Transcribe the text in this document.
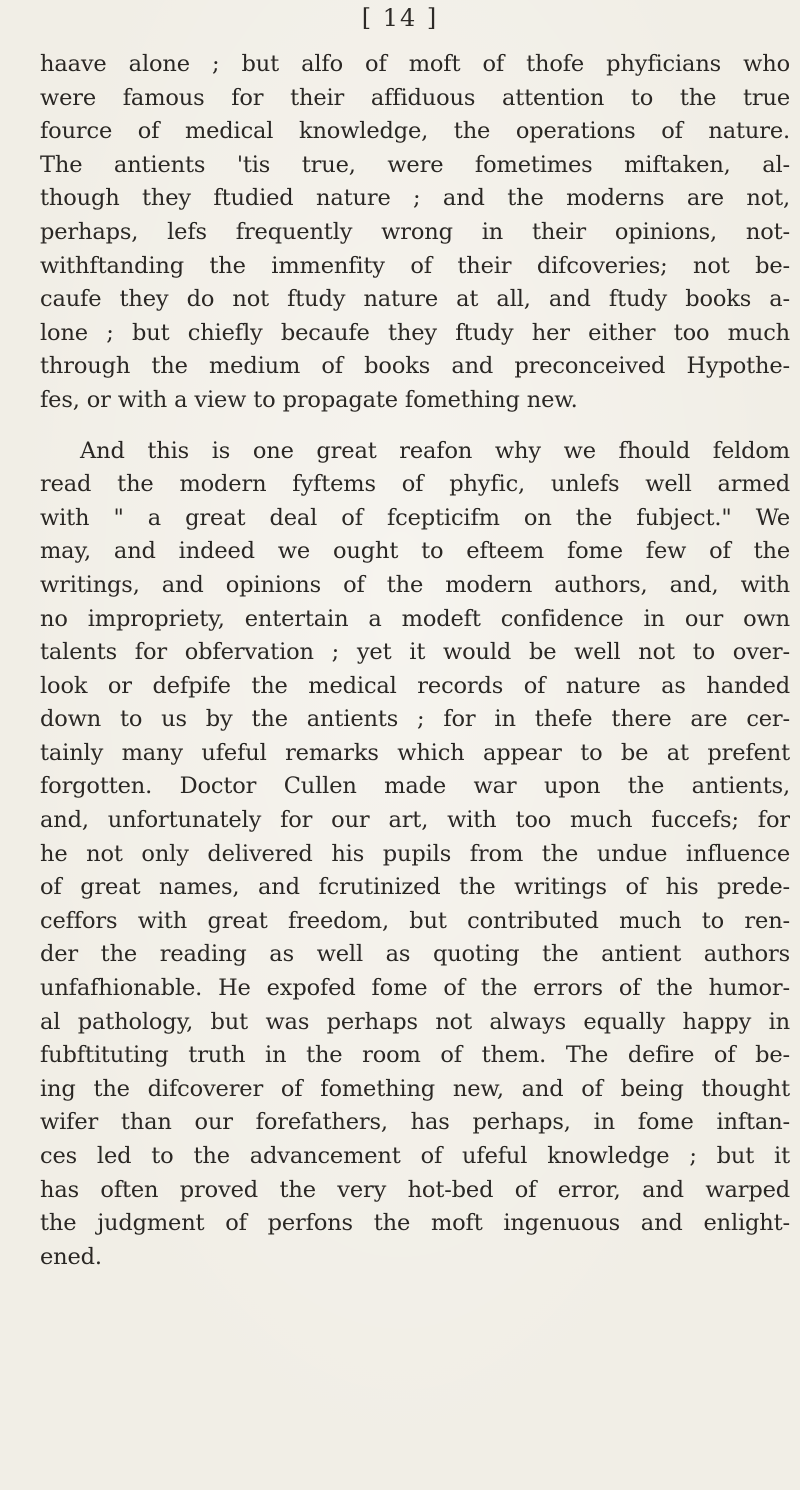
[ 14 ]
haave alone ; but alfo of moft of thofe phyficians who
were famous for their affiduous attention to the true
fource of medical knowledge, the operations of nature.
The antients 'tis true, were fometimes miftaken, al-
though they ftudied nature ; and the moderns are not,
perhaps, lefs frequently wrong in their opinions, not-
withftanding the immenfity of their difcoveries; not be-
caufe they do not ftudy nature at all, and ftudy books a-
lone ; but chiefly becaufe they ftudy her either too much
through the medium of books and preconceived Hypothe-
fes, or with a view to propagate fomething new.
And this is one great reafon why we fhould feldom
read the modern fyftems of phyfic, unlefs well armed
with " a great deal of fcepticifm on the fubject." We
may, and indeed we ought to efteem fome few of the
writings, and opinions of the modern authors, and, with
no impropriety, entertain a modeft confidence in our own
talents for obfervation ; yet it would be well not to over-
look or defpife the medical records of nature as handed
down to us by the antients ; for in thefe there are cer-
tainly many ufeful remarks which appear to be at prefent
forgotten. Doctor Cullen made war upon the antients,
and, unfortunately for our art, with too much fuccefs; for
he not only delivered his pupils from the undue influence
of great names, and fcrutinized the writings of his prede-
ceffors with great freedom, but contributed much to ren-
der the reading as well as quoting the antient authors
unfafhionable. He expofed fome of the errors of the humor-
al pathology, but was perhaps not always equally happy in
fubftituting truth in the room of them. The defire of be-
ing the difcoverer of fomething new, and of being thought
wifer than our forefathers, has perhaps, in fome inftan-
ces led to the advancement of ufeful knowledge ; but it
has often proved the very hot-bed of error, and warped
the judgment of perfons the moft ingenuous and enlight-
ened.
